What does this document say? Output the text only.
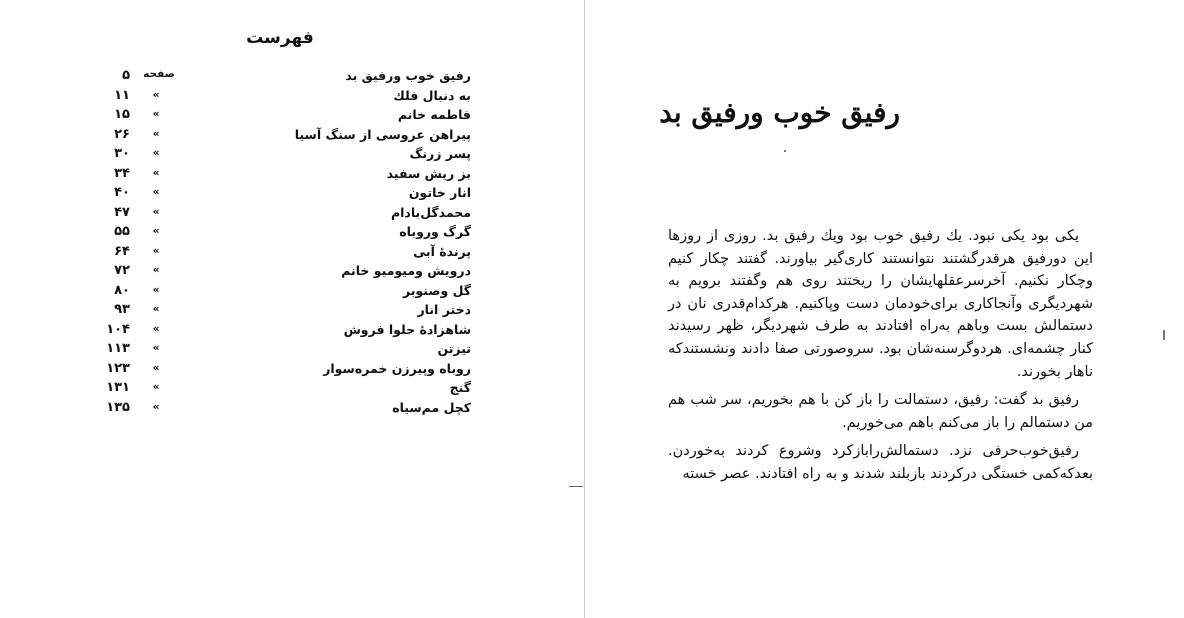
فهرست
رفیق خوب ورفیق بد
صفحه
۵
به دنبال فلك
«
۱۱
فاطمه خانم
«
۱۵
پیراهن عروسی از سنگ آسیا
«
۲۶
پسر زرنگ
«
۳۰
بز ریش سفید
«
۳۴
انار خاتون
«
۴۰
محمدگل‌بادام
«
۴۷
گرگ وروباه
«
۵۵
پرندهٔ آبی
«
۶۴
درویش ومیومیو خانم
«
۷۲
گل وصنوبر
«
۸۰
دختر انار
«
۹۳
شاهزادهٔ حلوا فروش
«
۱۰۴
تیزتن
«
۱۱۳
روباه وپیرزن خمره‌سوار
«
۱۲۳
گنج
«
۱۳۱
کچل مم‌سیاه
«
۱۳۵
رفیق خوب ورفیق بد

یکی بود یکی نبود. یك رفیق خوب بود ویك رفیق بد. روزی از روزها این دورفیق هرقدرگشتند نتوانستند کاری‌گیر بیاورند. گفتند چکار کنیم وچکار نکنیم. آخرسرعقلهایشان را ریختند روی هم وگفتند برویم به شهردیگری وآنجاکاری برای‌خودمان دست وپاکنیم. هرکدام‌قدری نان در دستمالش بست وباهم به‌راه افتادند به طرف شهردیگر، ظهر رسیدند کنار چشمه‌ای. هردوگرسنه‌شان بود. سروصورتی صفا دادند ونشستندکه ناهار بخورند.

رفیق بد گفت: رفیق، دستمالت را باز کن با هم بخوریم، سر شب هم من دستمالم را باز می‌کنم باهم می‌خوریم.

رفیق‌خوب‌حرفی نزد. دستمالش‌رابازکرد وشروع کردند به‌خوردن. بعدکه‌کمی خستگی درکردند بازبلند شدند و به راه افتادند. عصر خسته
